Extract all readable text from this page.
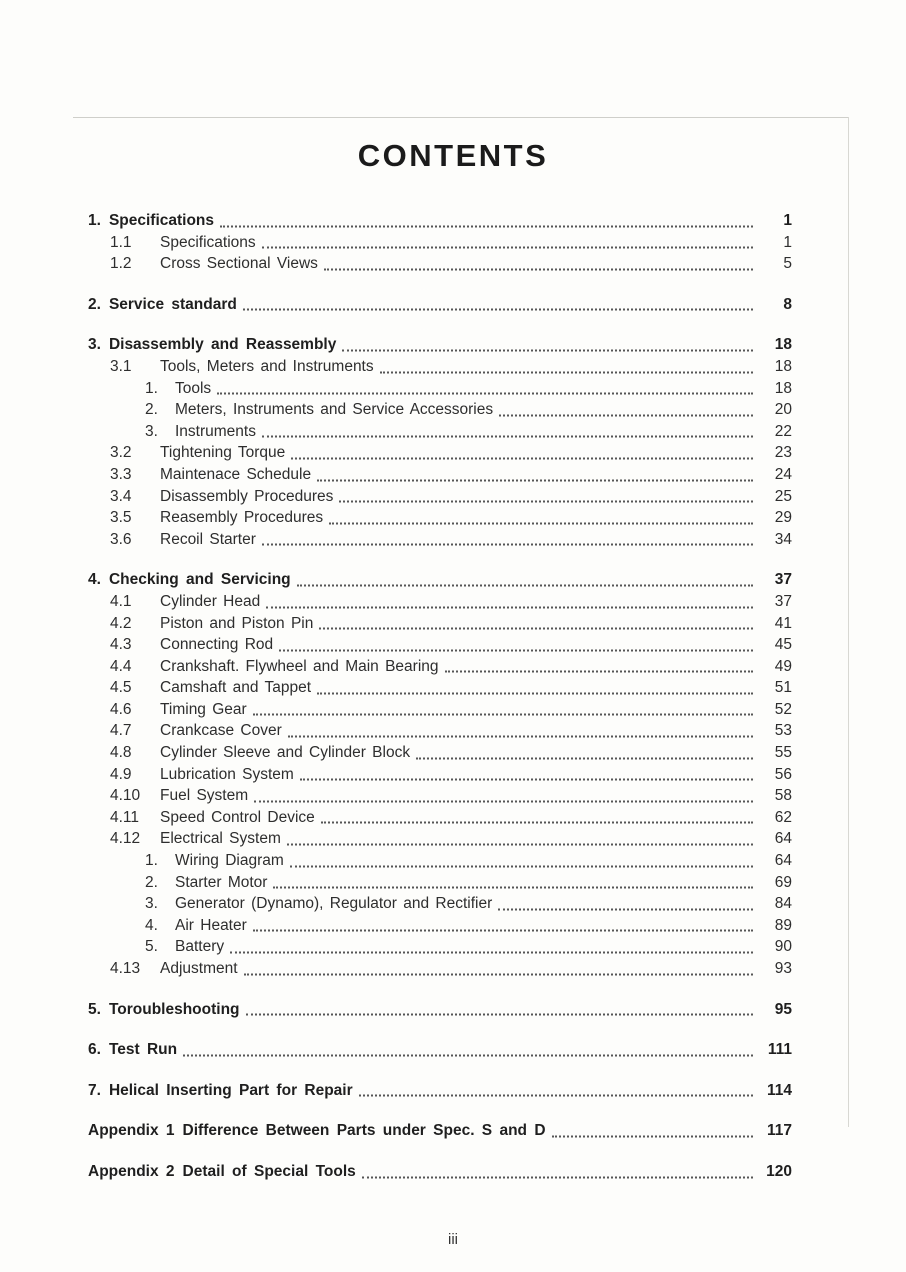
CONTENTS
1. Specifications	1
1.1	Specifications	1
1.2	Cross Sectional Views	5
2. Service standard	8
3. Disassembly and Reassembly	18
3.1	Tools, Meters and Instruments	18
1.	Tools	18
2.	Meters, Instruments and Service Accessories	20
3.	Instruments	22
3.2	Tightening Torque	23
3.3	Maintenace Schedule	24
3.4	Disassembly Procedures	25
3.5	Reasembly Procedures	29
3.6	Recoil Starter	34
4. Checking and Servicing	37
4.1	Cylinder Head	37
4.2	Piston and Piston Pin	41
4.3	Connecting Rod	45
4.4	Crankshaft. Flywheel and Main Bearing	49
4.5	Camshaft and Tappet	51
4.6	Timing Gear	52
4.7	Crankcase Cover	53
4.8	Cylinder Sleeve and Cylinder Block	55
4.9	Lubrication System	56
4.10	Fuel System	58
4.11	Speed Control Device	62
4.12	Electrical System	64
1.	Wiring Diagram	64
2.	Starter Motor	69
3.	Generator (Dynamo), Regulator and Rectifier	84
4.	Air Heater	89
5.	Battery	90
4.13	Adjustment	93
5. Toroubleshooting	95
6. Test Run	111
7. Helical Inserting Part for Repair	114
Appendix 1 Difference Between Parts under Spec. S and D	117
Appendix 2 Detail of Special Tools	120
iii
